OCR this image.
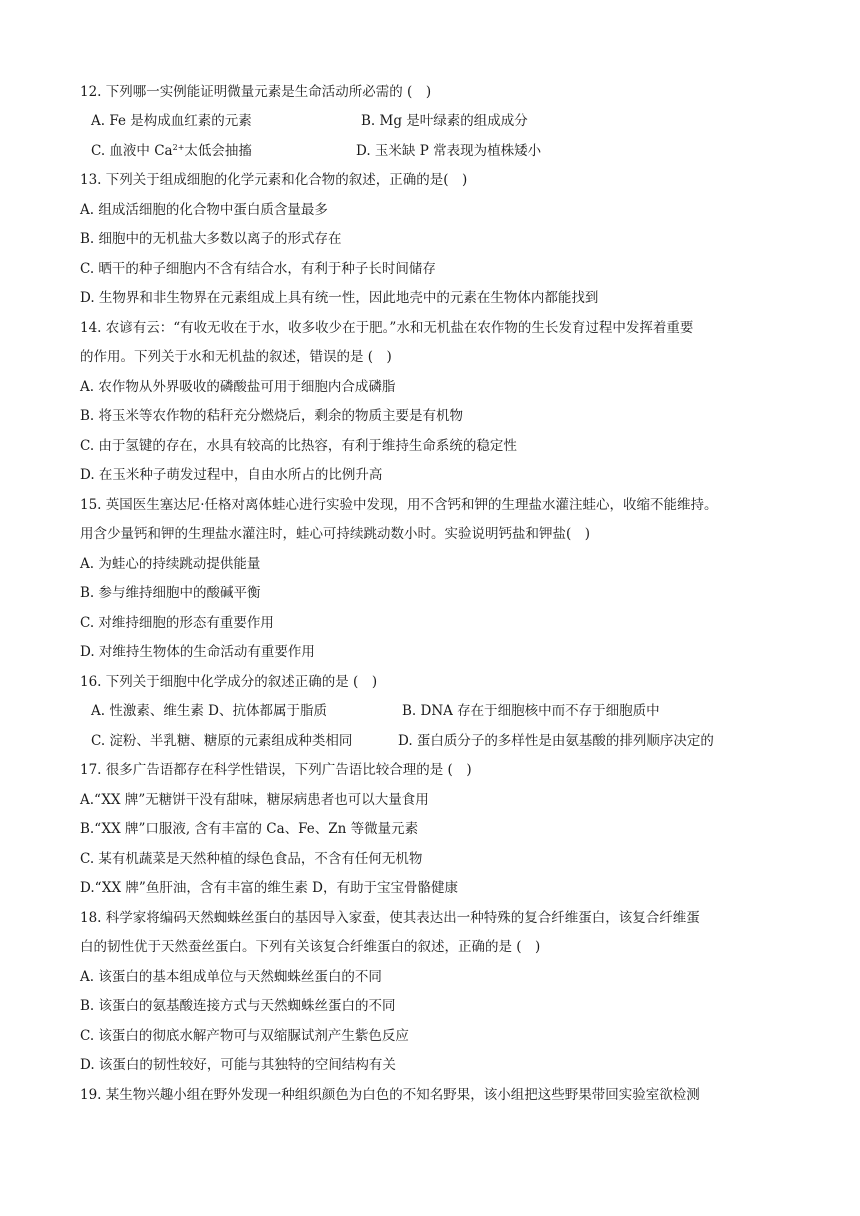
12. 下列哪一实例能证明微量元素是生命活动所必需的 (　)
A. Fe 是构成血红素的元素	B. Mg 是叶绿素的组成成分
C. 血液中 $Ca^{2+}$太低会抽搐	D. 玉米缺 P 常表现为植株矮小
13. 下列关于组成细胞的化学元素和化合物的叙述，正确的是(　)
A. 组成活细胞的化合物中蛋白质含量最多
B. 细胞中的无机盐大多数以离子的形式存在
C. 晒干的种子细胞内不含有结合水，有利于种子长时间储存
D. 生物界和非生物界在元素组成上具有统一性，因此地壳中的元素在生物体内都能找到
14. 农谚有云：“有收无收在于水，收多收少在于肥。”水和无机盐在农作物的生长发育过程中发挥着重要
的作用。下列关于水和无机盐的叙述，错误的是 (　)
A. 农作物从外界吸收的磷酸盐可用于细胞内合成磷脂
B. 将玉米等农作物的秸秆充分燃烧后，剩余的物质主要是有机物
C. 由于氢键的存在，水具有较高的比热容，有利于维持生命系统的稳定性
D. 在玉米种子萌发过程中，自由水所占的比例升高
15. 英国医生塞达尼·任格对离体蛙心进行实验中发现，用不含钙和钾的生理盐水灌注蛙心，收缩不能维持。
用含少量钙和钾的生理盐水灌注时，蛙心可持续跳动数小时。实验说明钙盐和钾盐(　)
A. 为蛙心的持续跳动提供能量
B. 参与维持细胞中的酸碱平衡
C. 对维持细胞的形态有重要作用
D. 对维持生物体的生命活动有重要作用
16. 下列关于细胞中化学成分的叙述正确的是 (　)
A. 性激素、维生素 D、抗体都属于脂质	B. DNA 存在于细胞核中而不存于细胞质中
C. 淀粉、半乳糖、糖原的元素组成种类相同	D. 蛋白质分子的多样性是由氨基酸的排列顺序决定的
17. 很多广告语都存在科学性错误，下列广告语比较合理的是 (　)
A.“XX 牌”无糖饼干没有甜味，糖尿病患者也可以大量食用
B.“XX 牌”口服液, 含有丰富的 Ca、Fe、Zn 等微量元素
C. 某有机蔬菜是天然种植的绿色食品，不含有任何无机物
D.“XX 牌”鱼肝油，含有丰富的维生素 D，有助于宝宝骨骼健康
18. 科学家将编码天然蜘蛛丝蛋白的基因导入家蚕，使其表达出一种特殊的复合纤维蛋白，该复合纤维蛋
白的韧性优于天然蚕丝蛋白。下列有关该复合纤维蛋白的叙述，正确的是 (　)
A. 该蛋白的基本组成单位与天然蜘蛛丝蛋白的不同
B. 该蛋白的氨基酸连接方式与天然蜘蛛丝蛋白的不同
C. 该蛋白的彻底水解产物可与双缩脲试剂产生紫色反应
D. 该蛋白的韧性较好，可能与其独特的空间结构有关
19. 某生物兴趣小组在野外发现一种组织颜色为白色的不知名野果，该小组把这些野果带回实验室欲检测
